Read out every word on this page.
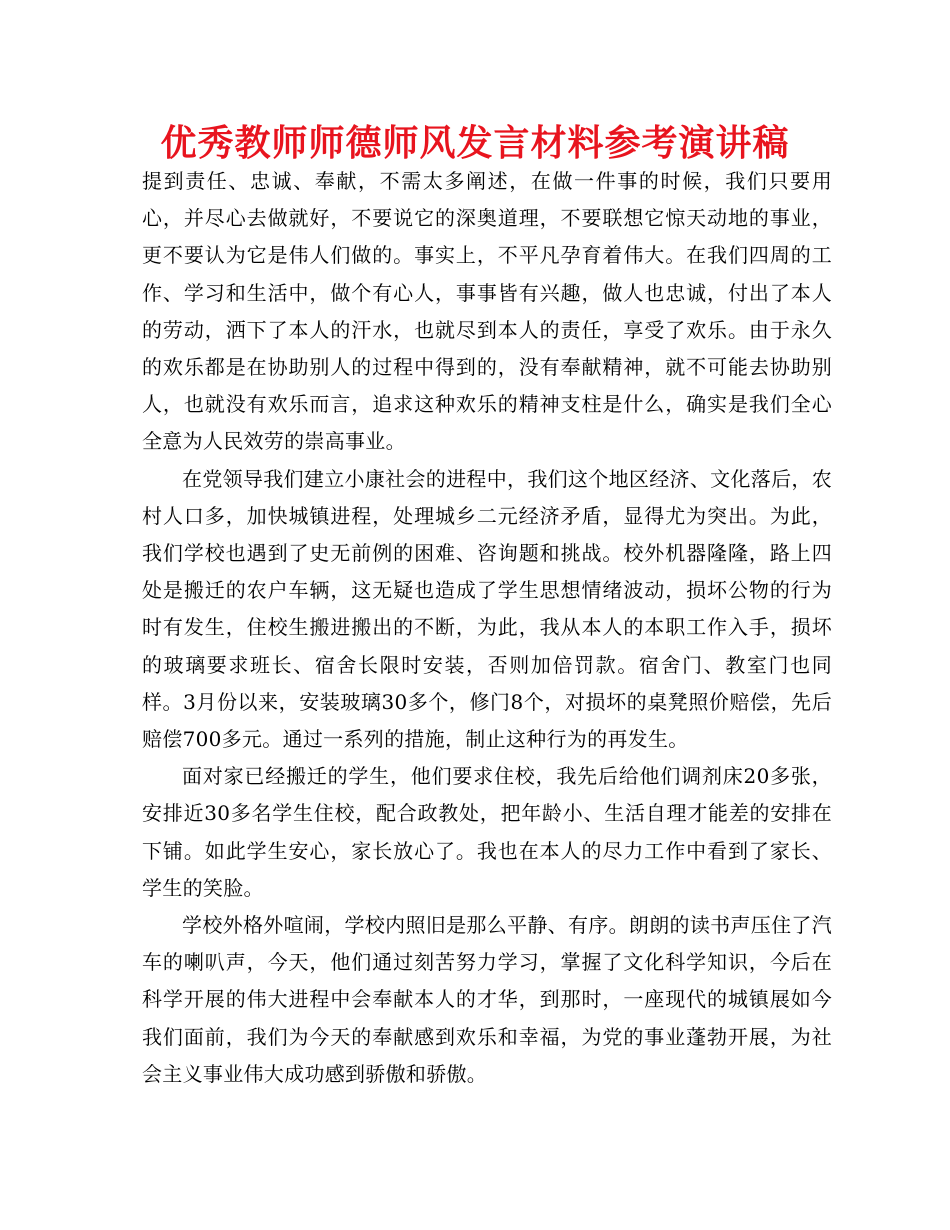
优秀教师师德师风发言材料参考演讲稿

提到责任、忠诚、奉献，不需太多阐述，在做一件事的时候，我们只要用心，并尽心去做就好，不要说它的深奥道理，不要联想它惊天动地的事业，更不要认为它是伟人们做的。事实上，不平凡孕育着伟大。在我们四周的工作、学习和生活中，做个有心人，事事皆有兴趣，做人也忠诚，付出了本人的劳动，洒下了本人的汗水，也就尽到本人的责任，享受了欢乐。由于永久的欢乐都是在协助别人的过程中得到的，没有奉献精神，就不可能去协助别人，也就没有欢乐而言，追求这种欢乐的精神支柱是什么，确实是我们全心全意为人民效劳的崇高事业。

在党领导我们建立小康社会的进程中，我们这个地区经济、文化落后，农村人口多，加快城镇进程，处理城乡二元经济矛盾，显得尤为突出。为此，我们学校也遇到了史无前例的困难、咨询题和挑战。校外机器隆隆，路上四处是搬迁的农户车辆，这无疑也造成了学生思想情绪波动，损坏公物的行为时有发生，住校生搬进搬出的不断，为此，我从本人的本职工作入手，损坏的玻璃要求班长、宿舍长限时安装，否则加倍罚款。宿舍门、教室门也同样。3月份以来，安装玻璃30多个，修门8个，对损坏的桌凳照价赔偿，先后赔偿700多元。通过一系列的措施，制止这种行为的再发生。

面对家已经搬迁的学生，他们要求住校，我先后给他们调剂床20多张，安排近30多名学生住校，配合政教处，把年龄小、生活自理才能差的安排在下铺。如此学生安心，家长放心了。我也在本人的尽力工作中看到了家长、学生的笑脸。

学校外格外喧闹，学校内照旧是那么平静、有序。朗朗的读书声压住了汽车的喇叭声，今天，他们通过刻苦努力学习，掌握了文化科学知识，今后在科学开展的伟大进程中会奉献本人的才华，到那时，一座现代的城镇展如今我们面前，我们为今天的奉献感到欢乐和幸福，为党的事业蓬勃开展，为社会主义事业伟大成功感到骄傲和骄傲。
